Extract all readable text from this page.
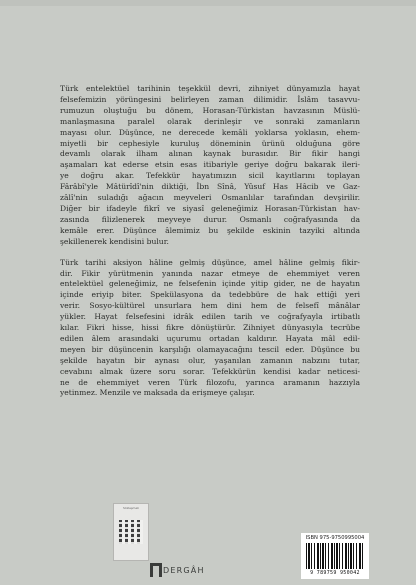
Türk entelektüel tarihinin teşekkül devri, zihniyet dünyamızla hayat
felsefemizin yörüngesini belirleyen zaman dilimidir. İslâm tasavvu-
rumuzun oluştuğu bu dönem, Horasan-Türkistan havzasının Müslü-
manlaşmasına paralel olarak derinleşir ve sonraki zamanların
mayası olur. Düşünce, ne derecede kemâli yoklarsa yoklasın, ehem-
miyetli bir cephesiyle kuruluş döneminin ürünü olduğuna göre
devamlı olarak ilham alınan kaynak burasıdır. Bir fikir hangi
aşamaları kat ederse etsin esas itibariyle geriye doğru bakarak ileri-
ye doğru akar. Tefekkür hayatımızın sicil kayıtlarını toplayan
Fârâbî'yle Mâtürîdî'nin diktiği, İbn Sînâ, Yûsuf Has Hâcib ve Gaz-
zâlî'nin suladığı ağacın meyveleri Osmanlılar tarafından devşirilir.
Diğer bir ifadeyle fikrî ve siyasî geleneğimiz Horasan-Türkistan hav-
zasında filizlenerek meyveye durur. Osmanlı coğrafyasında da
kemâle erer. Düşünce âlemimiz bu şekilde eskinin tazyiki altında
şekillenerek kendisini bulur.
Türk tarihi aksiyon hâline gelmiş düşünce, amel hâline gelmiş fikir-
dir. Fikir yürütmenin yanında nazar etmeye de ehemmiyet veren
entelektüel geleneğimiz, ne felsefenin içinde yitip gider, ne de hayatın
içinde eriyip biter. Spekülasyona da tedebbüre de hak ettiği yeri
verir. Sosyo-kültürel unsurlara hem dini hem de felsefî mânâlar
yükler. Hayat felsefesini idrâk edilen tarih ve coğrafyayla irtibatlı
kılar. Fikri hisse, hissi fikre dönüştürür. Zihniyet dünyasıyla tecrübe
edilen âlem arasındaki uçurumu ortadan kaldırır. Hayata mâl edil-
meyen bir düşüncenin karşılığı olamayacağını tescil eder. Düşünce bu
şekilde hayatın bir aynası olur, yaşanılan zamanın nabzını tutar,
cevabını almak üzere soru sorar. Tefekkürün kendisi kadar neticesi-
ne de ehemmiyet veren Türk filozofu, yarınca aramanın hazzıyla
yetinmez. Menzile ve maksada da erişmeye çalışır.
Sözleşmeli
DERGÂH
ISBN 975-9750995004
9 789759 950042
